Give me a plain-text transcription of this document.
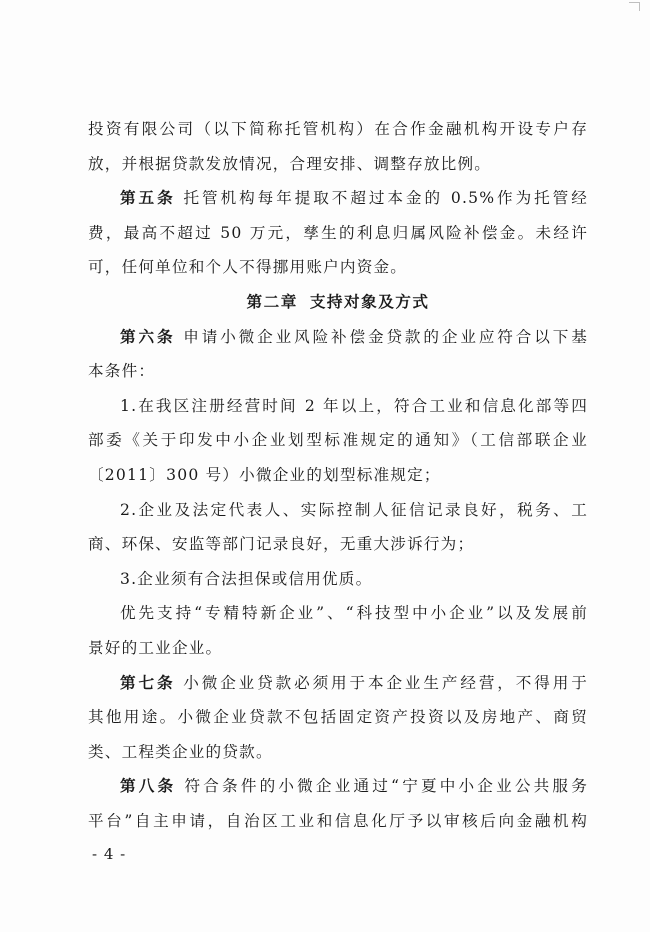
投资有限公司（以下简称托管机构）在合作金融机构开设专户存
放，并根据贷款发放情况，合理安排、调整存放比例。
第五条 托管机构每年提取不超过本金的 0.5%作为托管经
费，最高不超过 50 万元，孳生的利息归属风险补偿金。未经许
可，任何单位和个人不得挪用账户内资金。
第二章 支持对象及方式
第六条 申请小微企业风险补偿金贷款的企业应符合以下基
本条件：
1.在我区注册经营时间 2 年以上，符合工业和信息化部等四
部委《关于印发中小企业划型标准规定的通知》（工信部联企业
〔2011〕300 号）小微企业的划型标准规定；
2.企业及法定代表人、实际控制人征信记录良好，税务、工
商、环保、安监等部门记录良好，无重大涉诉行为；
3.企业须有合法担保或信用优质。
优先支持“专精特新企业”、“科技型中小企业”以及发展前
景好的工业企业。
第七条 小微企业贷款必须用于本企业生产经营，不得用于
其他用途。小微企业贷款不包括固定资产投资以及房地产、商贸
类、工程类企业的贷款。
第八条 符合条件的小微企业通过“宁夏中小企业公共服务
平台”自主申请，自治区工业和信息化厅予以审核后向金融机构
- 4 -
